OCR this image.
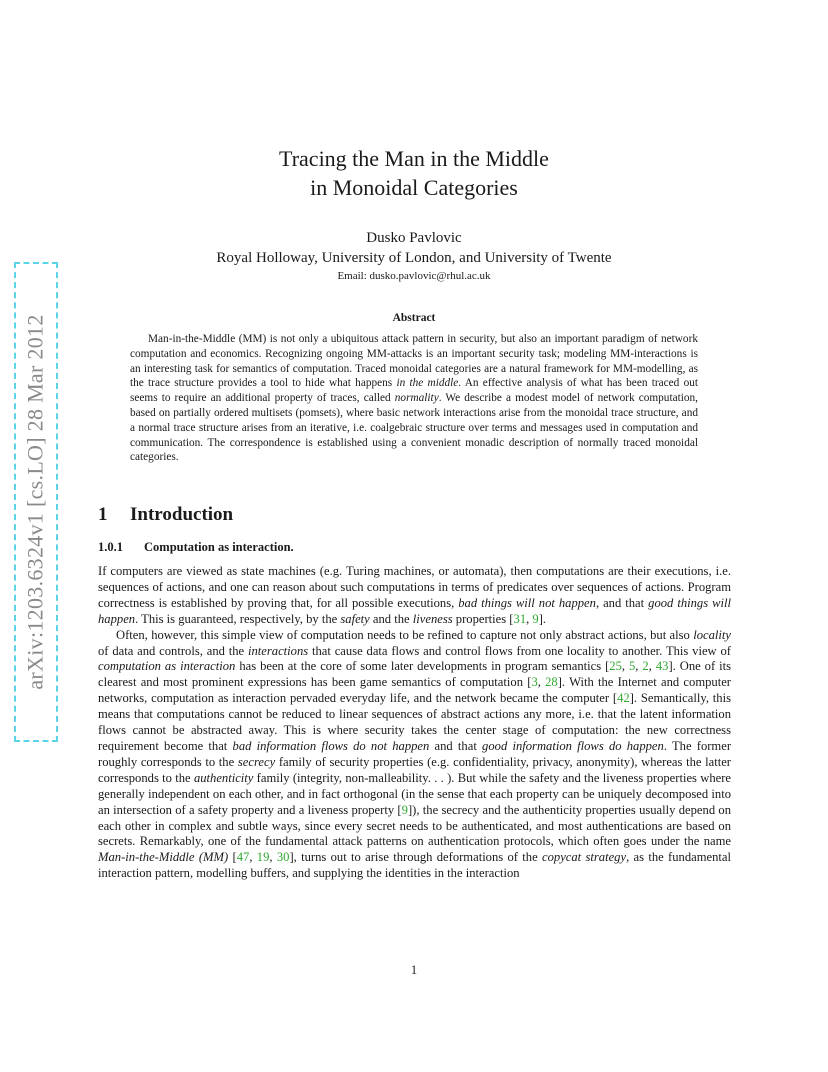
arXiv:1203.6324v1 [cs.LO] 28 Mar 2012
Tracing the Man in the Middle
in Monoidal Categories
Dusko Pavlovic
Royal Holloway, University of London, and University of Twente
Email: dusko.pavlovic@rhul.ac.uk
Abstract

Man-in-the-Middle (MM) is not only a ubiquitous attack pattern in security, but also an important paradigm of network computation and economics. Recognizing ongoing MM-attacks is an important security task; modeling MM-interactions is an interesting task for semantics of computation. Traced monoidal categories are a natural framework for MM-modelling, as the trace structure provides a tool to hide what happens in the middle. An effective analysis of what has been traced out seems to require an additional property of traces, called normality. We describe a modest model of network computation, based on partially ordered multisets (pomsets), where basic network interactions arise from the monoidal trace structure, and a normal trace structure arises from an iterative, i.e. coalgebraic structure over terms and messages used in computation and communication. The correspondence is established using a convenient monadic description of normally traced monoidal categories.

1 Introduction
1.0.1 Computation as interaction.

If computers are viewed as state machines (e.g. Turing machines, or automata), then computations are their executions, i.e. sequences of actions, and one can reason about such computations in terms of predicates over sequences of actions. Program correctness is established by proving that, for all possible executions, bad things will not happen, and that good things will happen. This is guaranteed, respectively, by the safety and the liveness properties [31, 9].

Often, however, this simple view of computation needs to be refined to capture not only abstract actions, but also locality of data and controls, and the interactions that cause data flows and control flows from one locality to another. This view of computation as interaction has been at the core of some later developments in program semantics [25, 5, 2, 43]. One of its clearest and most prominent expressions has been game semantics of computation [3, 28]. With the Internet and computer networks, computation as interaction pervaded everyday life, and the network became the computer [42]. Semantically, this means that computations cannot be reduced to linear sequences of abstract actions any more, i.e. that the latent information flows cannot be abstracted away. This is where security takes the center stage of computation: the new correctness requirement become that bad information flows do not happen and that good information flows do happen. The former roughly corresponds to the secrecy family of security properties (e.g. confidentiality, privacy, anonymity), whereas the latter corresponds to the authenticity family (integrity, non-malleability. . . ). But while the safety and the liveness properties where generally independent on each other, and in fact orthogonal (in the sense that each property can be uniquely decomposed into an intersection of a safety property and a liveness property [9]), the secrecy and the authenticity properties usually depend on each other in complex and subtle ways, since every secret needs to be authenticated, and most authentications are based on secrets. Remarkably, one of the fundamental attack patterns on authentication protocols, which often goes under the name Man-in-the-Middle (MM) [47, 19, 30], turns out to arise through deformations of the copycat strategy, as the fundamental interaction pattern, modelling buffers, and supplying the identities in the interaction

1
